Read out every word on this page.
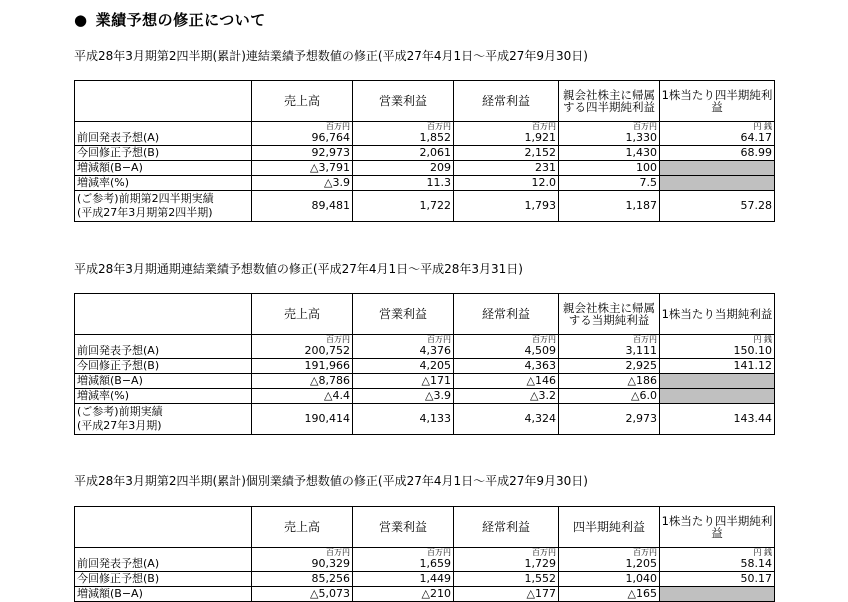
● 業績予想の修正について
平成28年3月期第2四半期(累計)連結業績予想数値の修正(平成27年4月1日～平成27年9月30日)
	売上高	営業利益	経常利益	親会社株主に帰属する四半期純利益	1株当たり四半期純利益
	百万円	百万円	百万円	百万円	円 銭
前回発表予想(A)	96,764	1,852	1,921	1,330	64.17
今回修正予想(B)	92,973	2,061	2,152	1,430	68.99
増減額(B−A)	△3,791	209	231	100	
増減率(%)	△3.9	11.3	12.0	7.5	

(ご参考)前期第2四半期実績
(平成27年3月期第2四半期)	89,481	1,722	1,793	1,187	57.28
平成28年3月期通期連結業績予想数値の修正(平成27年4月1日～平成28年3月31日)
	売上高	営業利益	経常利益	親会社株主に帰属する当期純利益	1株当たり当期純利益
	百万円	百万円	百万円	百万円	円 銭
前回発表予想(A)	200,752	4,376	4,509	3,111	150.10
今回修正予想(B)	191,966	4,205	4,363	2,925	141.12
増減額(B−A)	△8,786	△171	△146	△186	
増減率(%)	△4.4	△3.9	△3.2	△6.0	

(ご参考)前期実績
(平成27年3月期)	190,414	4,133	4,324	2,973	143.44
平成28年3月期第2四半期(累計)個別業績予想数値の修正(平成27年4月1日～平成27年9月30日)
	売上高	営業利益	経常利益	四半期純利益	1株当たり四半期純利益
	百万円	百万円	百万円	百万円	円 銭
前回発表予想(A)	90,329	1,659	1,729	1,205	58.14
今回修正予想(B)	85,256	1,449	1,552	1,040	50.17
増減額(B−A)	△5,073	△210	△177	△165	
